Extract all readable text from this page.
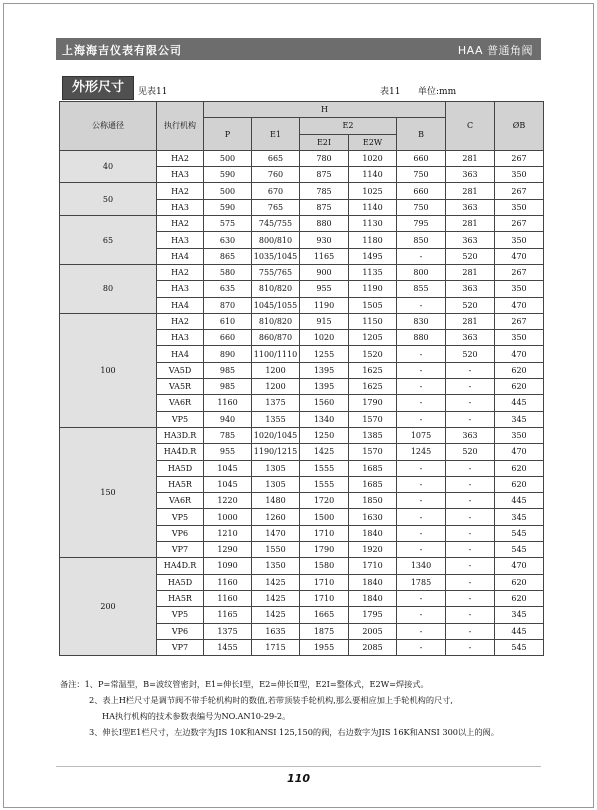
上海海吉仪表有限公司	HAA 普通角阀
外形尺寸	见表11	表11 单位:mm
公称通径	执行机构	H					C	ØB
		P	E1	E2		B		
				E2I	E2W			
40	HA2	500	665	780	1020	660	281	267
	HA3	590	760	875	1140	750	363	350
50	HA2	500	670	785	1025	660	281	267
	HA3	590	765	875	1140	750	363	350
65	HA2	575	745/755	880	1130	795	281	267
	HA3	630	800/810	930	1180	850	363	350
	HA4	865	1035/1045	1165	1495	-	520	470
80	HA2	580	755/765	900	1135	800	281	267
	HA3	635	810/820	955	1190	855	363	350
	HA4	870	1045/1055	1190	1505	-	520	470
100	HA2	610	810/820	915	1150	830	281	267
	HA3	660	860/870	1020	1205	880	363	350
	HA4	890	1100/1110	1255	1520	-	520	470
	VA5D	985	1200	1395	1625	-	-	620
	VA5R	985	1200	1395	1625	-	-	620
	VA6R	1160	1375	1560	1790	-	-	445
	VP5	940	1355	1340	1570	-	-	345
150	HA3D.R	785	1020/1045	1250	1385	1075	363	350
	HA4D.R	955	1190/1215	1425	1570	1245	520	470
	HA5D	1045	1305	1555	1685	-	-	620
	HA5R	1045	1305	1555	1685	-	-	620
	VA6R	1220	1480	1720	1850	-	-	445
	VP5	1000	1260	1500	1630	-	-	345
	VP6	1210	1470	1710	1840	-	-	545
	VP7	1290	1550	1790	1920	-	-	545
200	HA4D.R	1090	1350	1580	1710	1340	-	470
	HA5D	1160	1425	1710	1840	1785	-	620
	HA5R	1160	1425	1710	1840	-	-	620
	VP5	1165	1425	1665	1795	-	-	345
	VP6	1375	1635	1875	2005	-	-	445
	VP7	1455	1715	1955	2085	-	-	545
备注：1、P=常温型，B=波纹管密封，E1=伸长Ⅰ型，E2=伸长Ⅱ型，E2I=整体式，E2W=焊接式。
2、表上H栏尺寸是调节阀不带手轮机构时的数值,若带顶装手轮机构,那么要相应加上手轮机构的尺寸,
HA执行机构的技术参数表编号为NO.AN10-29-2。
3、伸长Ⅰ型E1栏尺寸，左边数字为JIS 10K和ANSI 125,150的阀，右边数字为JIS 16K和ANSI 300以上的阀。
110
